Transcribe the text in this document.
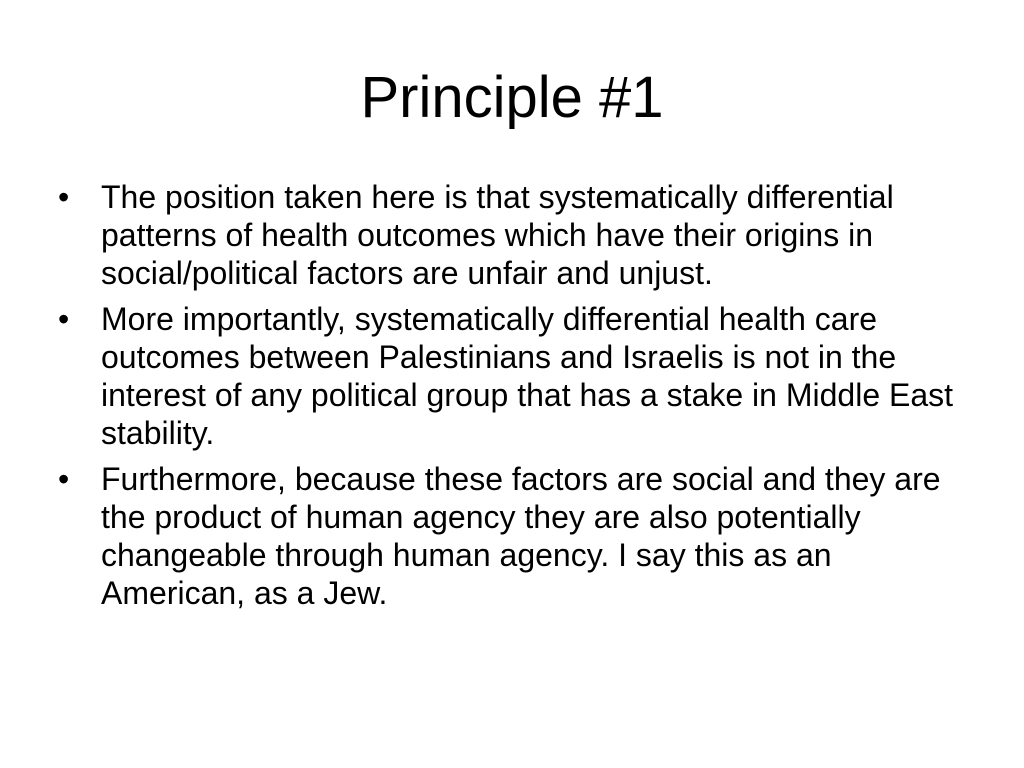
Principle #1
• The position taken here is that systematically differential patterns of health outcomes which have their origins in social/political factors are unfair and unjust.
• More importantly, systematically differential health care outcomes between Palestinians and Israelis is not in the interest of any political group that has a stake in Middle East stability.
• Furthermore, because these factors are social and they are the product of human agency they are also potentially changeable through human agency. I say this as an American, as a Jew.
